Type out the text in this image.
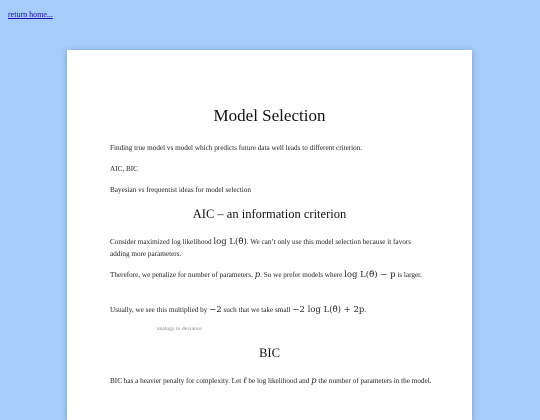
return home...
Model Selection

Finding true model vs model which predicts future data well leads to different criterion.

AIC, BIC

Bayesian vs frequentist ideas for model selection

AIC – an information criterion

Consider maximized log likelihood log L(θ̂). We can’t only use this model selection because it favors adding more parameters.

Therefore, we penalize for number of parameters, p. So we prefer models where log L(θ̂) − p is larger.

Usually, we see this multiplied by −2 such that we take small −2 log L(θ̂) + 2p.

analogy to deviance
BIC

BIC has a heavier penalty for complexity. Let ℓ be log likelihood and p the number of parameters in the model.
